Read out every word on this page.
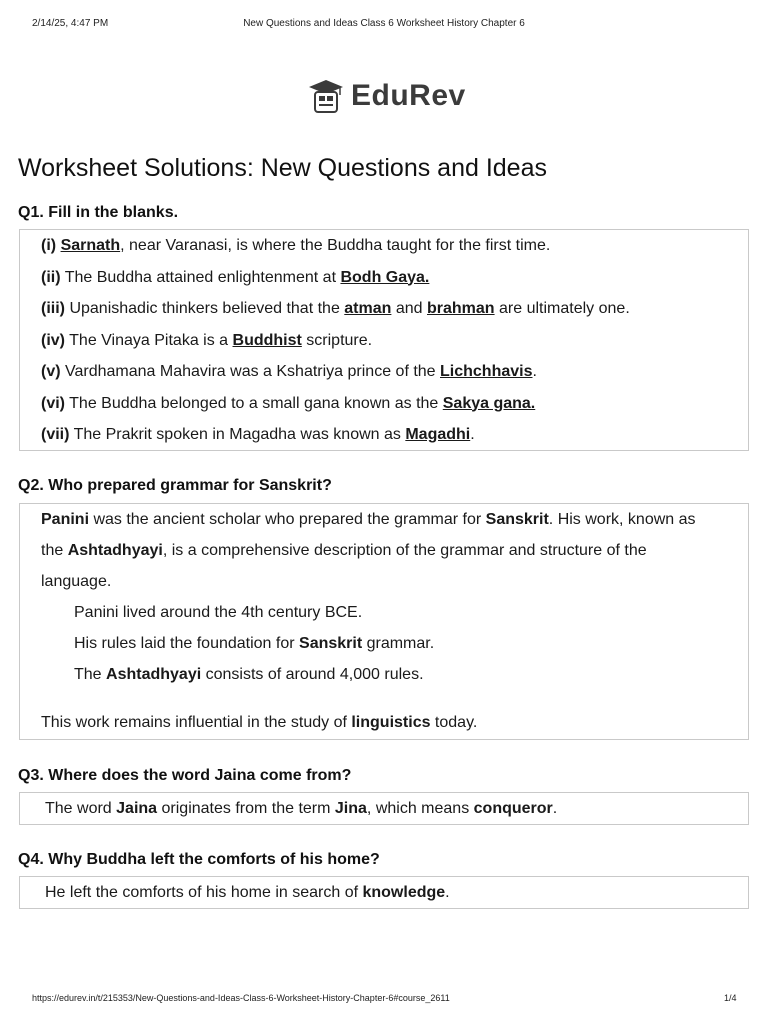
2/14/25, 4:47 PM	New Questions and Ideas Class 6 Worksheet History Chapter 6
EduRev
Worksheet Solutions: New Questions and Ideas
Q1. Fill in the blanks.
(i) Sarnath, near Varanasi, is where the Buddha taught for the first time.
(ii) The Buddha attained enlightenment at Bodh Gaya.
(iii) Upanishadic thinkers believed that the atman and brahman are ultimately one.
(iv) The Vinaya Pitaka is a Buddhist scripture.
(v) Vardhamana Mahavira was a Kshatriya prince of the Lichchhavis.
(vi) The Buddha belonged to a small gana known as the Sakya gana.
(vii) The Prakrit spoken in Magadha was known as Magadhi.
Q2. Who prepared grammar for Sanskrit?
Panini was the ancient scholar who prepared the grammar for Sanskrit. His work, known as
the Ashtadhyayi, is a comprehensive description of the grammar and structure of the
language.
Panini lived around the 4th century BCE.
His rules laid the foundation for Sanskrit grammar.
The Ashtadhyayi consists of around 4,000 rules.
This work remains influential in the study of linguistics today.
Q3. Where does the word Jaina come from?
The word Jaina originates from the term Jina, which means conqueror.
Q4. Why Buddha left the comforts of his home?
He left the comforts of his home in search of knowledge.
https://edurev.in/t/215353/New-Questions-and-Ideas-Class-6-Worksheet-History-Chapter-6#course_2611	1/4
